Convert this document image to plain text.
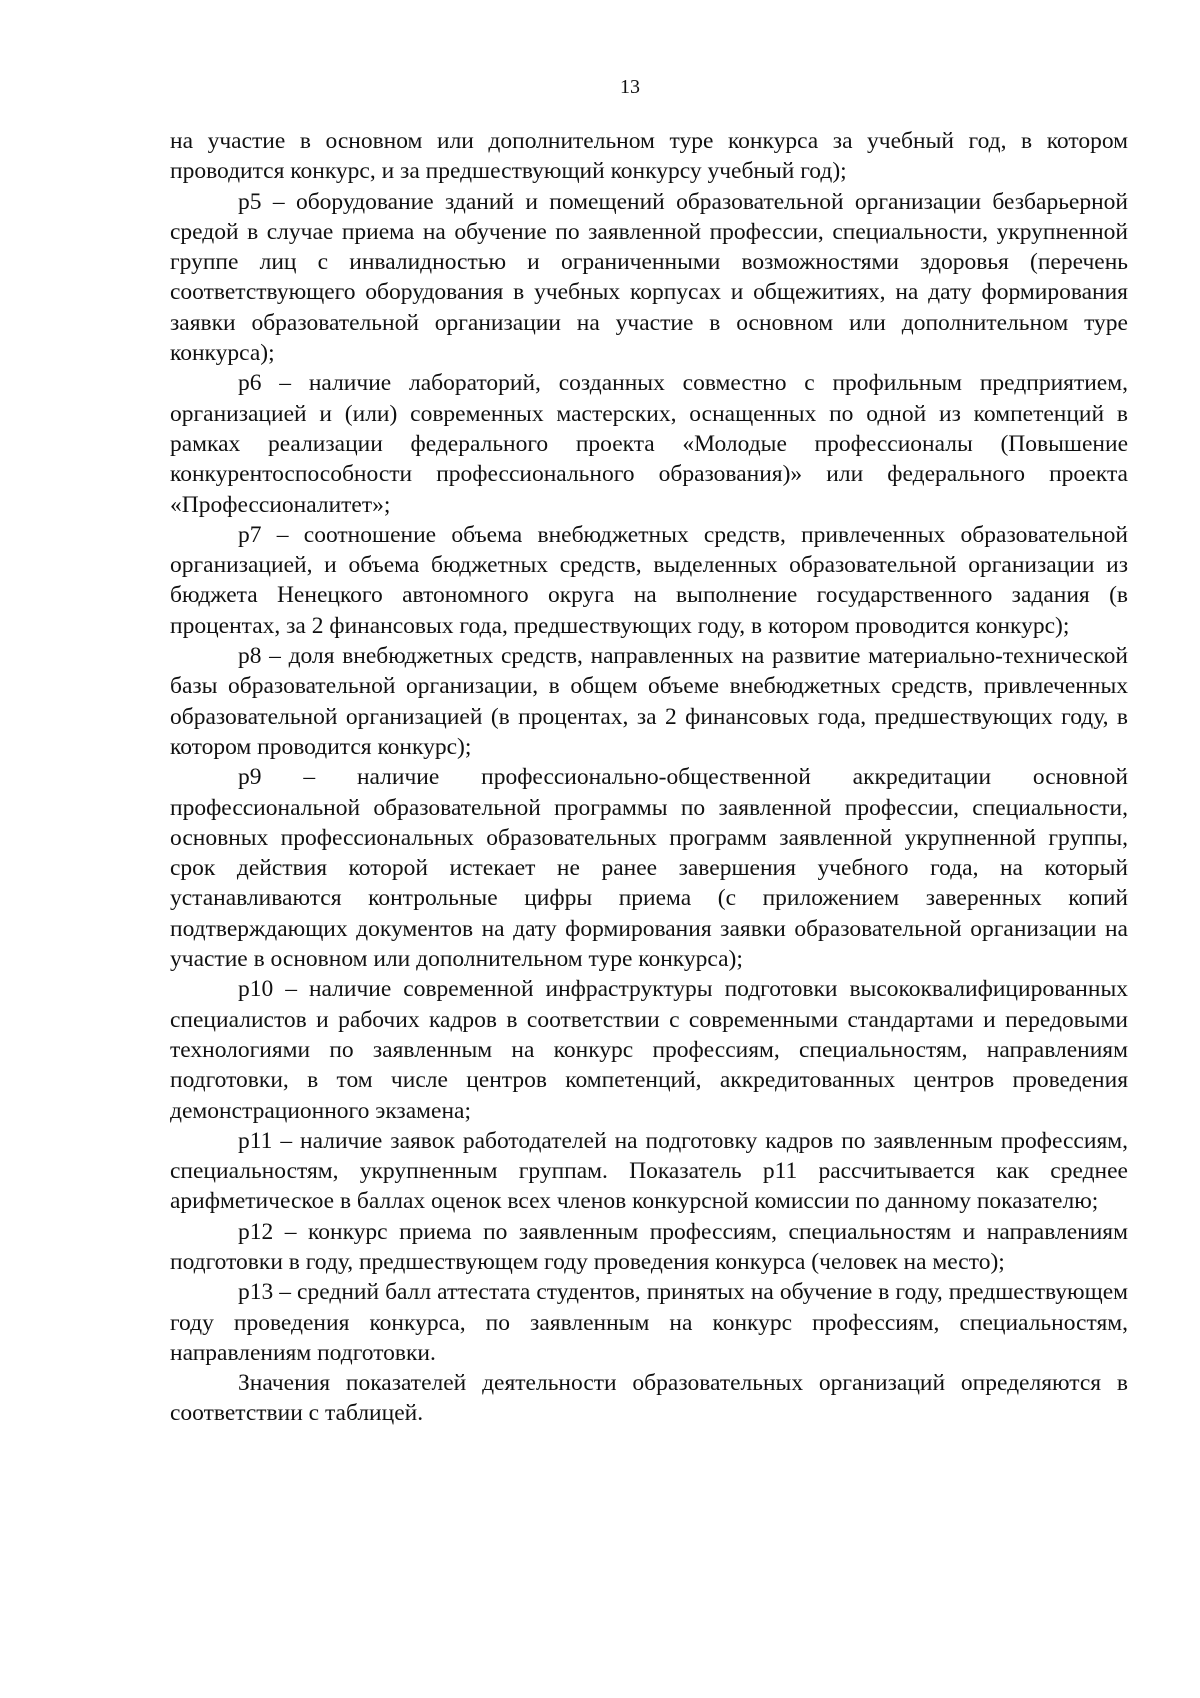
13

на участие в основном или дополнительном туре конкурса за учебный год, в котором проводится конкурс, и за предшествующий конкурсу учебный год);

р5 – оборудование зданий и помещений образовательной организации безбарьерной средой в случае приема на обучение по заявленной профессии, специальности, укрупненной группе лиц с инвалидностью и ограниченными возможностями здоровья (перечень соответствующего оборудования в учебных корпусах и общежитиях, на дату формирования заявки образовательной организации на участие в основном или дополнительном туре конкурса);

р6 – наличие лабораторий, созданных совместно с профильным предприятием, организацией и (или) современных мастерских, оснащенных по одной из компетенций в рамках реализации федерального проекта «Молодые профессионалы (Повышение конкурентоспособности профессионального образования)» или федерального проекта «Профессионалитет»;

р7 – соотношение объема внебюджетных средств, привлеченных образовательной организацией, и объема бюджетных средств, выделенных образовательной организации из бюджета Ненецкого автономного округа на выполнение государственного задания (в процентах, за 2 финансовых года, предшествующих году, в котором проводится конкурс);

р8 – доля внебюджетных средств, направленных на развитие материально-технической базы образовательной организации, в общем объеме внебюджетных средств, привлеченных образовательной организацией (в процентах, за 2 финансовых года, предшествующих году, в котором проводится конкурс);

р9 – наличие профессионально-общественной аккредитации основной профессиональной образовательной программы по заявленной профессии, специальности, основных профессиональных образовательных программ заявленной укрупненной группы, срок действия которой истекает не ранее завершения учебного года, на который устанавливаются контрольные цифры приема (с приложением заверенных копий подтверждающих документов на дату формирования заявки образовательной организации на участие в основном или дополнительном туре конкурса);

р10 – наличие современной инфраструктуры подготовки высококвалифицированных специалистов и рабочих кадров в соответствии с современными стандартами и передовыми технологиями по заявленным на конкурс профессиям, специальностям, направлениям подготовки, в том числе центров компетенций, аккредитованных центров проведения демонстрационного экзамена;

р11 – наличие заявок работодателей на подготовку кадров по заявленным профессиям, специальностям, укрупненным группам. Показатель р11 рассчитывается как среднее арифметическое в баллах оценок всех членов конкурсной комиссии по данному показателю;

р12 – конкурс приема по заявленным профессиям, специальностям и направлениям подготовки в году, предшествующем году проведения конкурса (человек на место);

р13 – средний балл аттестата студентов, принятых на обучение в году, предшествующем году проведения конкурса, по заявленным на конкурс профессиям, специальностям, направлениям подготовки.

Значения показателей деятельности образовательных организаций определяются в соответствии с таблицей.
